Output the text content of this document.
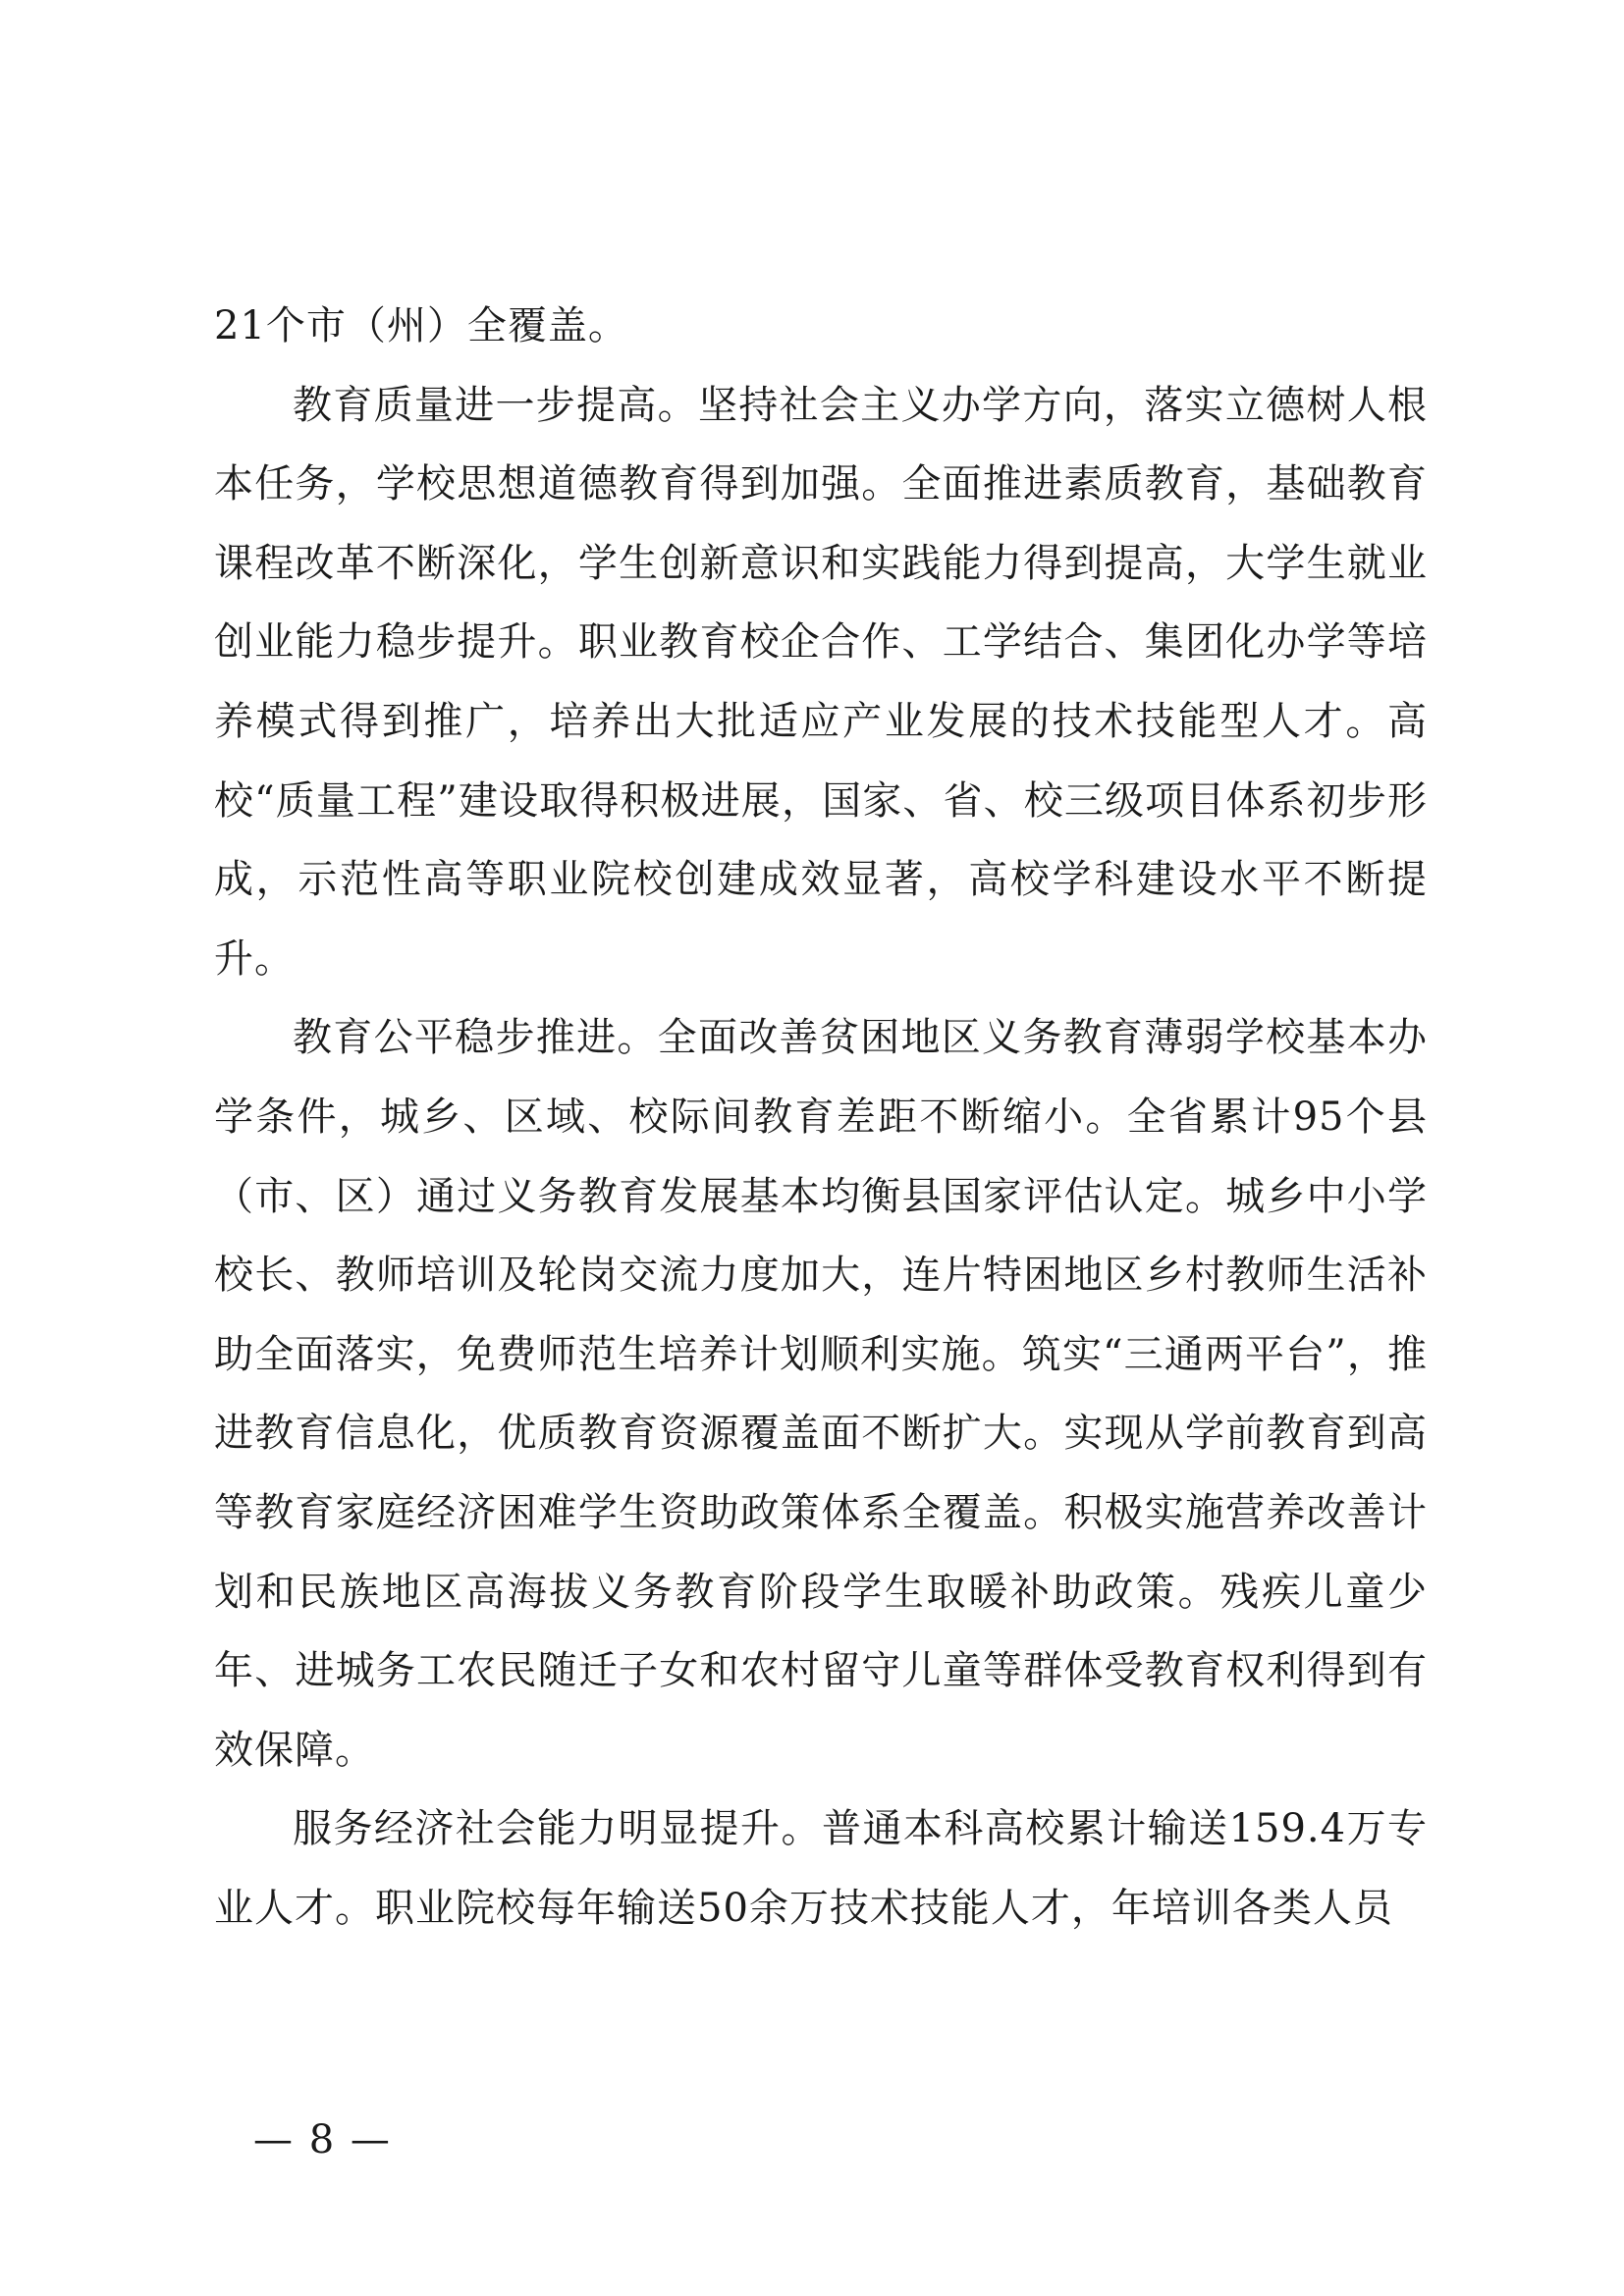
21个市（州）全覆盖。

教育质量进一步提高。坚持社会主义办学方向，落实立德树人根本任务，学校思想道德教育得到加强。全面推进素质教育，基础教育课程改革不断深化，学生创新意识和实践能力得到提高，大学生就业创业能力稳步提升。职业教育校企合作、工学结合、集团化办学等培养模式得到推广，培养出大批适应产业发展的技术技能型人才。高校“质量工程”建设取得积极进展，国家、省、校三级项目体系初步形成，示范性高等职业院校创建成效显著，高校学科建设水平不断提升。

教育公平稳步推进。全面改善贫困地区义务教育薄弱学校基本办学条件，城乡、区域、校际间教育差距不断缩小。全省累计95个县（市、区）通过义务教育发展基本均衡县国家评估认定。城乡中小学校长、教师培训及轮岗交流力度加大，连片特困地区乡村教师生活补助全面落实，免费师范生培养计划顺利实施。筑实“三通两平台”，推进教育信息化，优质教育资源覆盖面不断扩大。实现从学前教育到高等教育家庭经济困难学生资助政策体系全覆盖。积极实施营养改善计划和民族地区高海拔义务教育阶段学生取暖补助政策。残疾儿童少年、进城务工农民随迁子女和农村留守儿童等群体受教育权利得到有效保障。

服务经济社会能力明显提升。普通本科高校累计输送159.4万专业人才。职业院校每年输送50余万技术技能人才，年培训各类人员

— 8 —
